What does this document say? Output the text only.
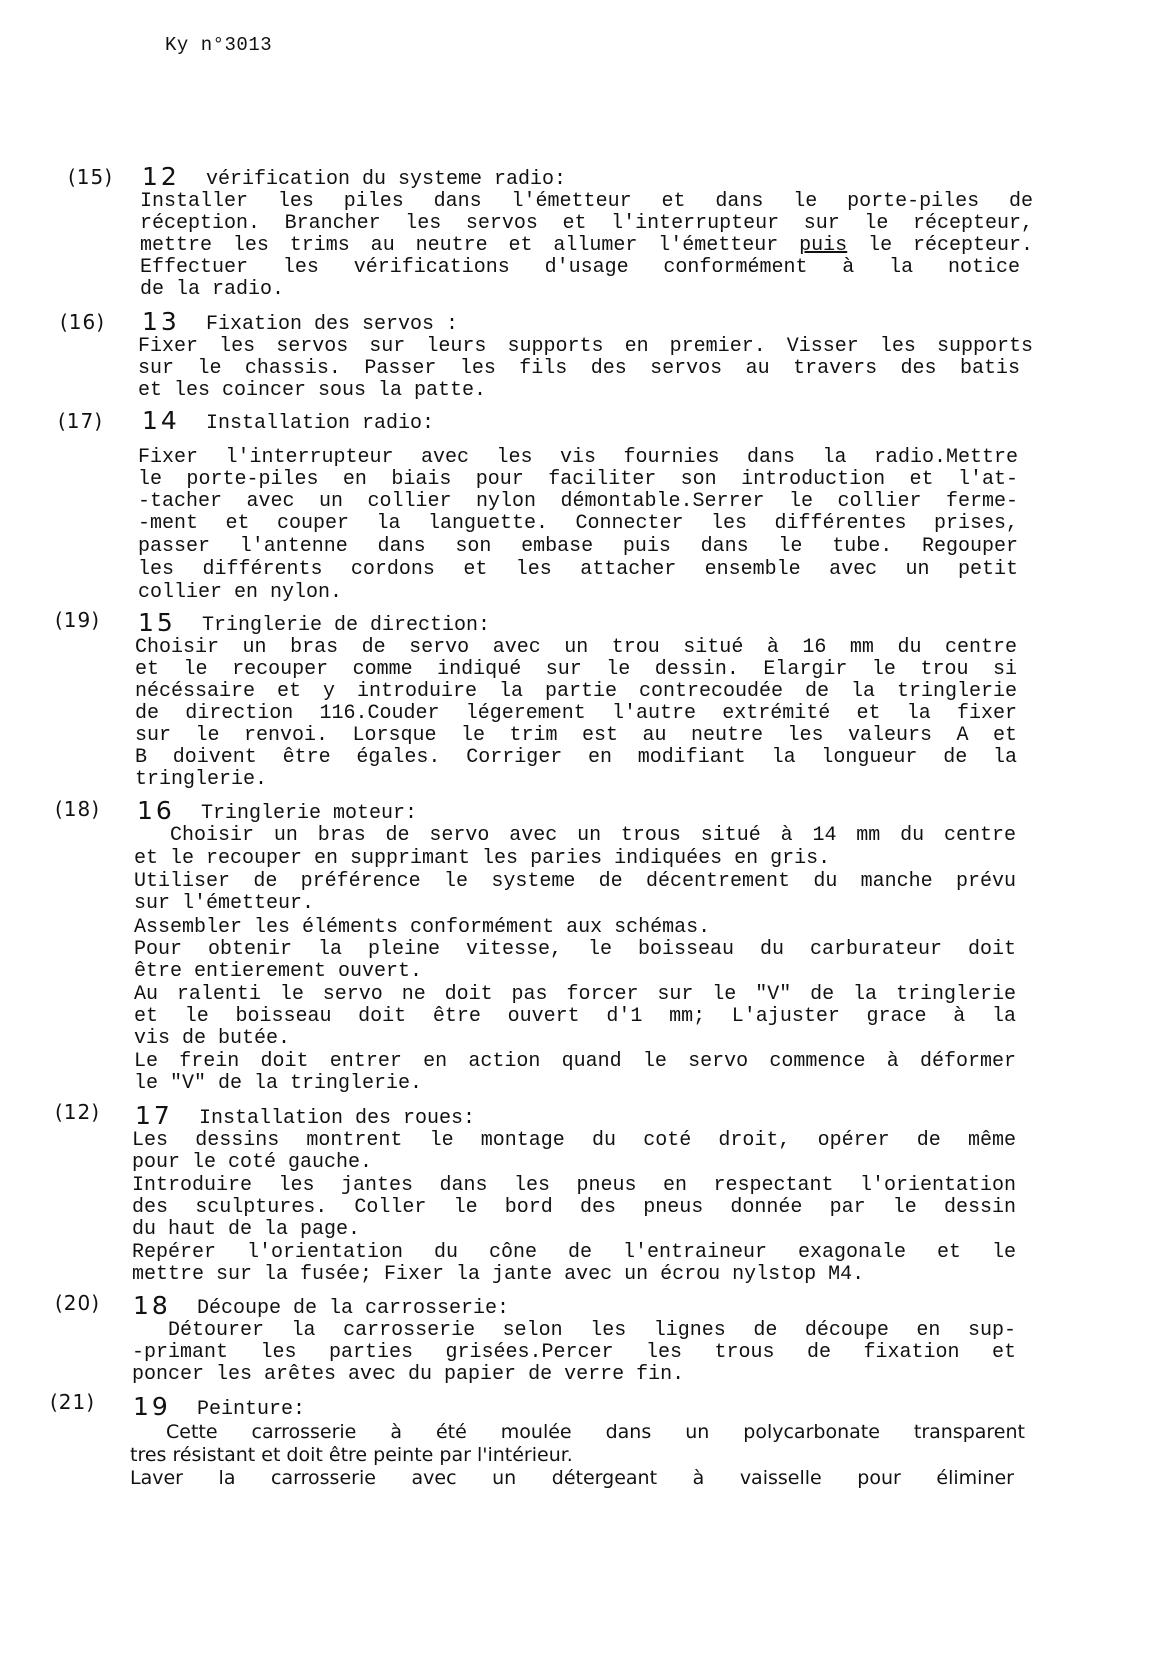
Ky n°3013
(15) 12 vérification du systeme radio:
Installer les piles dans l'émetteur et dans le porte-piles de
réception. Brancher les servos et l'interrupteur sur le récepteur,
mettre les trims au neutre et allumer l'émetteur puis le récepteur.
Effectuer les vérifications d'usage conformément à la notice
de la radio.
(16) 13 Fixation des servos :
Fixer les servos sur leurs supports en premier. Visser les supports
sur le chassis. Passer les fils des servos au travers des batis
et les coincer sous la patte.
(17) 14 Installation radio:
Fixer l'interrupteur avec les vis fournies dans la radio.Mettre
le porte-piles en biais pour faciliter son introduction et l'at-
-tacher avec un collier nylon démontable.Serrer le collier ferme-
-ment et couper la languette. Connecter les différentes prises,
passer l'antenne dans son embase puis dans le tube. Regouper
les différents cordons et les attacher ensemble avec un petit
collier en nylon.
(19) 15 Tringlerie de direction:
Choisir un bras de servo avec un trou situé à 16 mm du centre
et le recouper comme indiqué sur le dessin. Elargir le trou si
nécéssaire et y introduire la partie contrecoudée de la tringlerie
de direction 116.Couder légerement l'autre extrémité et la fixer
sur le renvoi. Lorsque le trim est au neutre les valeurs A et
B doivent être égales. Corriger en modifiant la longueur de la
tringlerie.
(18) 16 Tringlerie moteur:
Choisir un bras de servo avec un trous situé à 14 mm du centre
et le recouper en supprimant les paries indiquées en gris.
Utiliser de préférence le systeme de décentrement du manche prévu
sur l'émetteur.
Assembler les éléments conformément aux schémas.
Pour obtenir la pleine vitesse, le boisseau du carburateur doit
être entierement ouvert.
Au ralenti le servo ne doit pas forcer sur le "V" de la tringlerie
et le boisseau doit être ouvert d'1 mm; L'ajuster grace à la
vis de butée.
Le frein doit entrer en action quand le servo commence à déformer
le "V" de la tringlerie.
(12) 17 Installation des roues:
Les dessins montrent le montage du coté droit, opérer de même
pour le coté gauche.
Introduire les jantes dans les pneus en respectant l'orientation
des sculptures. Coller le bord des pneus donnée par le dessin
du haut de la page.
Repérer l'orientation du cône de l'entraineur exagonale et le
mettre sur la fusée; Fixer la jante avec un écrou nylstop M4.
(20) 18 Découpe de la carrosserie:
Détourer la carrosserie selon les lignes de découpe en sup-
-primant les parties grisées.Percer les trous de fixation et
poncer les arêtes avec du papier de verre fin.
(21) 19 Peinture:
Cette carrosserie à été moulée dans un polycarbonate transparent
tres résistant et doit être peinte par l'intérieur.
Laver la carrosserie avec un détergeant à vaisselle pour éliminer
